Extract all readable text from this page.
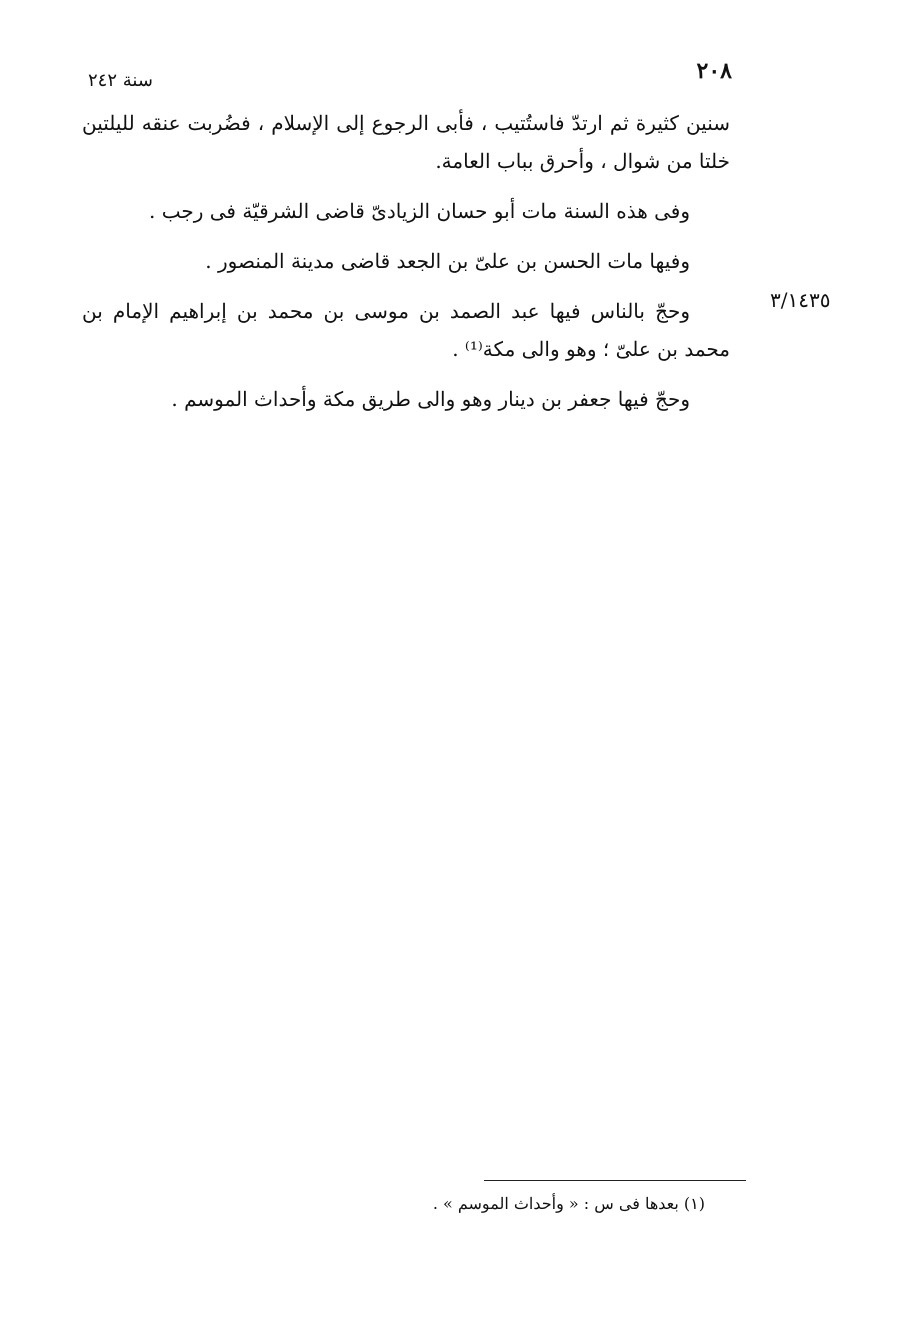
٢٠٨
سنة ٢٤٢

سنين كثيرة ثم ارتدّ فاستُتيب ، فأبى الرجوع إلى الإسلام ، فضُربت عنقه لليلتين خلتا من شوال ، وأحرق بباب العامة.

وفى هذه السنة مات أبو حسان الزيادىّ قاضى الشرقيّة فى رجب .

وفيها مات الحسن بن علىّ بن الجعد قاضى مدينة المنصور .

وحجّ بالناس فيها عبد الصمد بن موسى بن محمد بن إبراهيم الإمام بن محمد بن علىّ ؛ وهو والى مكة⁽¹⁾ .

وحجّ فيها جعفر بن دينار وهو والى طريق مكة وأحداث الموسم .

٣/١٤٣٥
(١) بعدها فى س : « وأحداث الموسم » .
